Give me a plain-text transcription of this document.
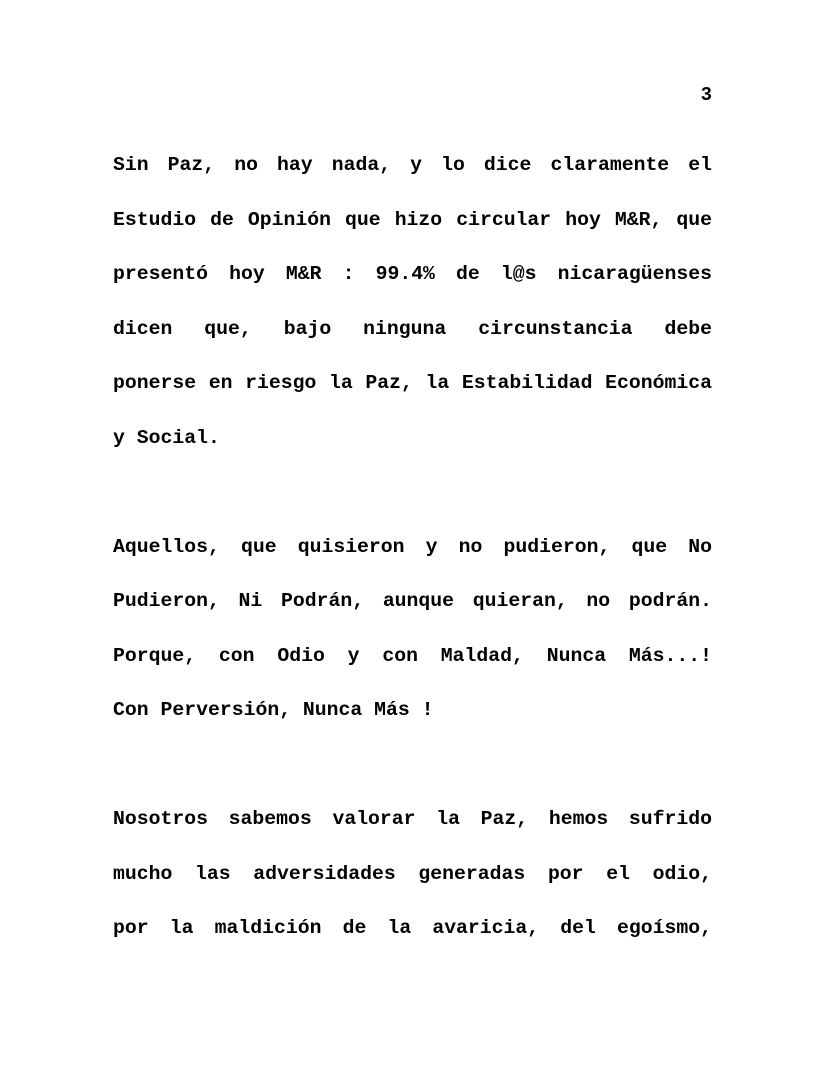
3
Sin Paz, no hay nada, y lo dice claramente el
Estudio de Opinión que hizo circular hoy M&R, que
presentó hoy M&R : 99.4% de l@s nicaragüenses
dicen que, bajo ninguna circunstancia debe
ponerse en riesgo la Paz, la Estabilidad Económica
y Social.
Aquellos, que quisieron y no pudieron, que No
Pudieron, Ni Podrán, aunque quieran, no podrán.
Porque, con Odio y con Maldad, Nunca Más...!
Con Perversión, Nunca Más !
Nosotros sabemos valorar la Paz, hemos sufrido
mucho las adversidades generadas por el odio,
por la maldición de la avaricia, del egoísmo,
